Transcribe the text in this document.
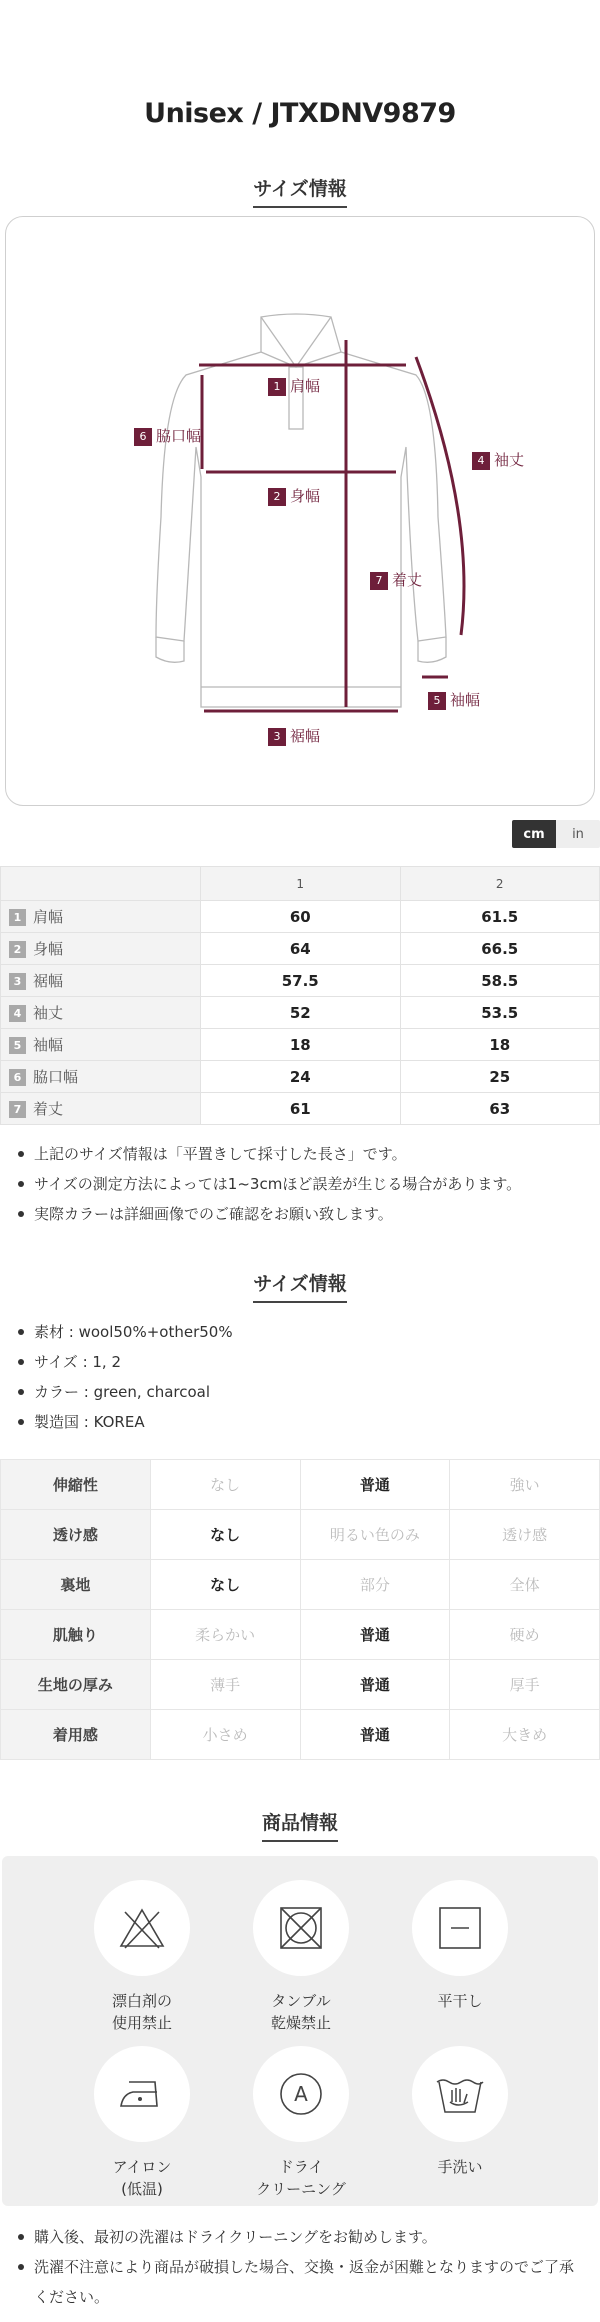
Unisex / JTXDNV9879
サイズ情報
1 肩幅
2 身幅
3 裾幅
4 袖丈
5 袖幅
6 脇口幅
7 着丈
cm	in
	1	2
1 肩幅	60	61.5
2 身幅	64	66.5
3 裾幅	57.5	58.5
4 袖丈	52	53.5
5 袖幅	18	18
6 脇口幅	24	25
7 着丈	61	63
上記のサイズ情報は「平置きして採寸した長さ」です。
サイズの測定方法によっては1~3cmほど誤差が生じる場合があります。
実際カラーは詳細画像でのご確認をお願い致します。
サイズ情報
素材 : wool50%+other50%
サイズ : 1, 2
カラー : green, charcoal
製造国 : KOREA
伸縮性	なし	普通	強い
透け感	なし	明るい色のみ	透け感
裏地	なし	部分	全体
肌触り	柔らかい	普通	硬め
生地の厚み	薄手	普通	厚手
着用感	小さめ	普通	大きめ
商品情報
漂白剤の
使用禁止
タンブル
乾燥禁止
平干し
アイロン
(低温)
A
ドライ
クリーニング
手洗い
購入後、最初の洗濯はドライクリーニングをお勧めします。
洗濯不注意により商品が破損した場合、交換・返金が困難となりますのでご了承ください。
